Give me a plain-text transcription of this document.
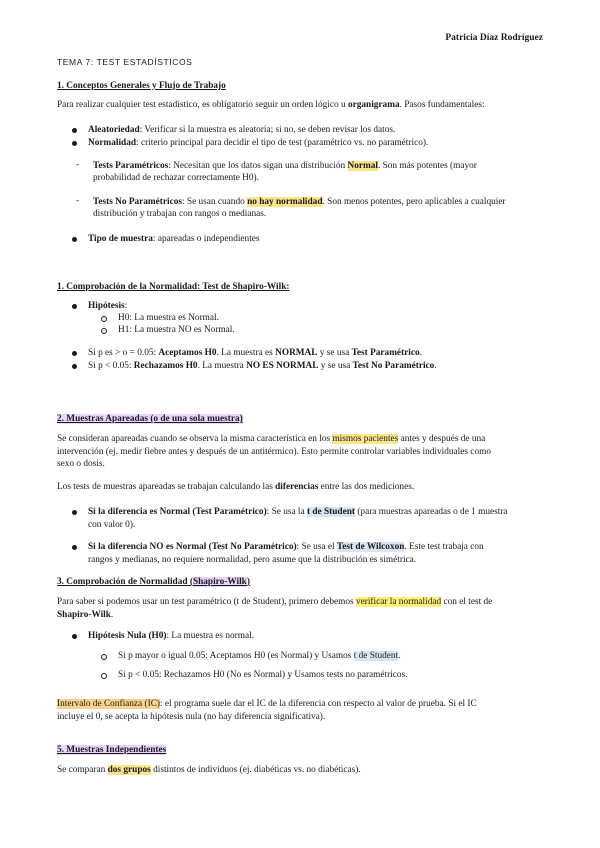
Patricia Díaz Rodríguez
TEMA 7: TEST ESTADÍSTICOS
1. Conceptos Generales y Flujo de Trabajo
Para realizar cualquier test estadístico, es obligatorio seguir un orden lógico u organigrama. Pasos fundamentales:
Aleatoriedad: Verificar si la muestra es aleatoria; si no, se deben revisar los datos.
Normalidad: criterio principal para decidir el tipo de test (paramétrico vs. no paramétrico).
- Tests Paramétricos: Necesitan que los datos sigan una distribución Normal. Son más potentes (mayor
probabilidad de rechazar correctamente H0).
- Tests No Paramétricos: Se usan cuando no hay normalidad. Son menos potentes, pero aplicables a cualquier
distribución y trabajan con rangos o medianas.
Tipo de muestra: apareadas o independientes
1. Comprobación de la Normalidad: Test de Shapiro-Wilk:
Hipótesis:
H0: La muestra es Normal.
H1: La muestra NO es Normal.
Si p es > o = 0.05: Aceptamos H0. La muestra es NORMAL y se usa Test Paramétrico.
Si p < 0.05: Rechazamos H0. La muestra NO ES NORMAL y se usa Test No Paramétrico.
2. Muestras Apareadas (o de una sola muestra)
Se consideran apareadas cuando se observa la misma característica en los mismos pacientes antes y después de una
intervención (ej. medir fiebre antes y después de un antitérmico). Esto permite controlar variables individuales como
sexo o dosis.
Los tests de muestras apareadas se trabajan calculando las diferencias entre las dos mediciones.
Si la diferencia es Normal (Test Paramétrico): Se usa la t de Student (para muestras apareadas o de 1 muestra
con valor 0).
Si la diferencia NO es Normal (Test No Paramétrico): Se usa el Test de Wilcoxon. Este test trabaja con
rangos y medianas, no requiere normalidad, pero asume que la distribución es simétrica.
3. Comprobación de Normalidad (Shapiro-Wilk)
Para saber si podemos usar un test paramétrico (t de Student), primero debemos verificar la normalidad con el test de
Shapiro-Wilk.
Hipótesis Nula (H0): La muestra es normal.
Si p mayor o igual 0.05: Aceptamos H0 (es Normal) y Usamos t de Student.
Si p < 0.05: Rechazamos H0 (No es Normal) y Usamos tests no paramétricos.
Intervalo de Confianza (IC): el programa suele dar el IC de la diferencia con respecto al valor de prueba. Si el IC
incluye el 0, se acepta la hipótesis nula (no hay diferencia significativa).
5. Muestras Independientes
Se comparan dos grupos distintos de individuos (ej. diabéticas vs. no diabéticas).
